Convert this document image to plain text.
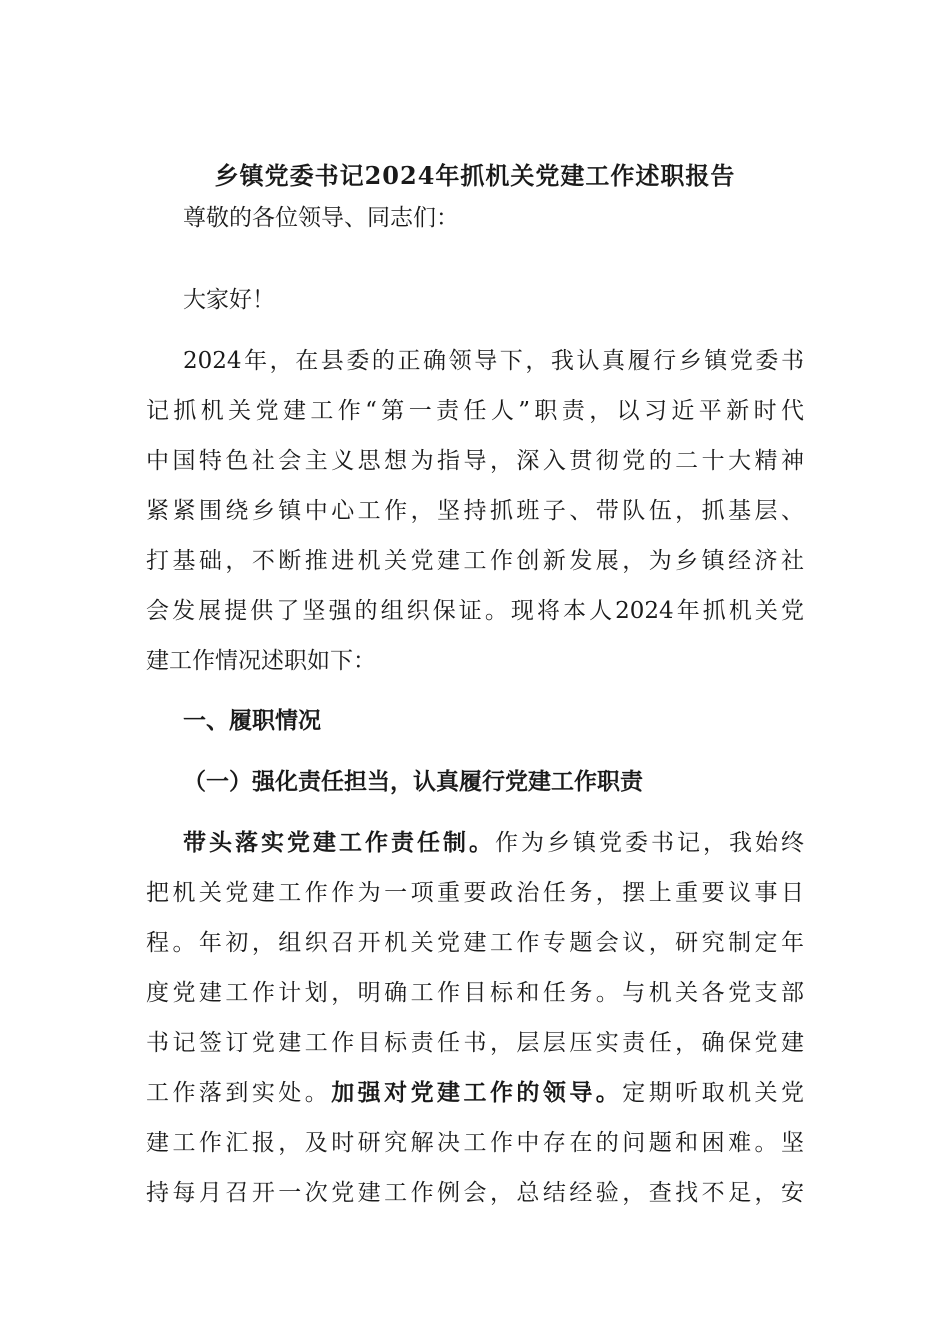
乡镇党委书记2024年抓机关党建工作述职报告

尊敬的各位领导、同志们：

大家好！

2024年，在县委的正确领导下，我认真履行乡镇党委书

记抓机关党建工作“第一责任人”职责，以习近平新时代

中国特色社会主义思想为指导，深入贯彻党的二十大精神

紧紧围绕乡镇中心工作，坚持抓班子、带队伍，抓基层、

打基础，不断推进机关党建工作创新发展，为乡镇经济社

会发展提供了坚强的组织保证。现将本人2024年抓机关党

建工作情况述职如下：

一、履职情况

（一）强化责任担当，认真履行党建工作职责

带头落实党建工作责任制。作为乡镇党委书记，我始终

把机关党建工作作为一项重要政治任务，摆上重要议事日

程。年初，组织召开机关党建工作专题会议，研究制定年

度党建工作计划，明确工作目标和任务。与机关各党支部

书记签订党建工作目标责任书，层层压实责任，确保党建

工作落到实处。加强对党建工作的领导。定期听取机关党

建工作汇报，及时研究解决工作中存在的问题和困难。坚

持每月召开一次党建工作例会，总结经验，查找不足，安
